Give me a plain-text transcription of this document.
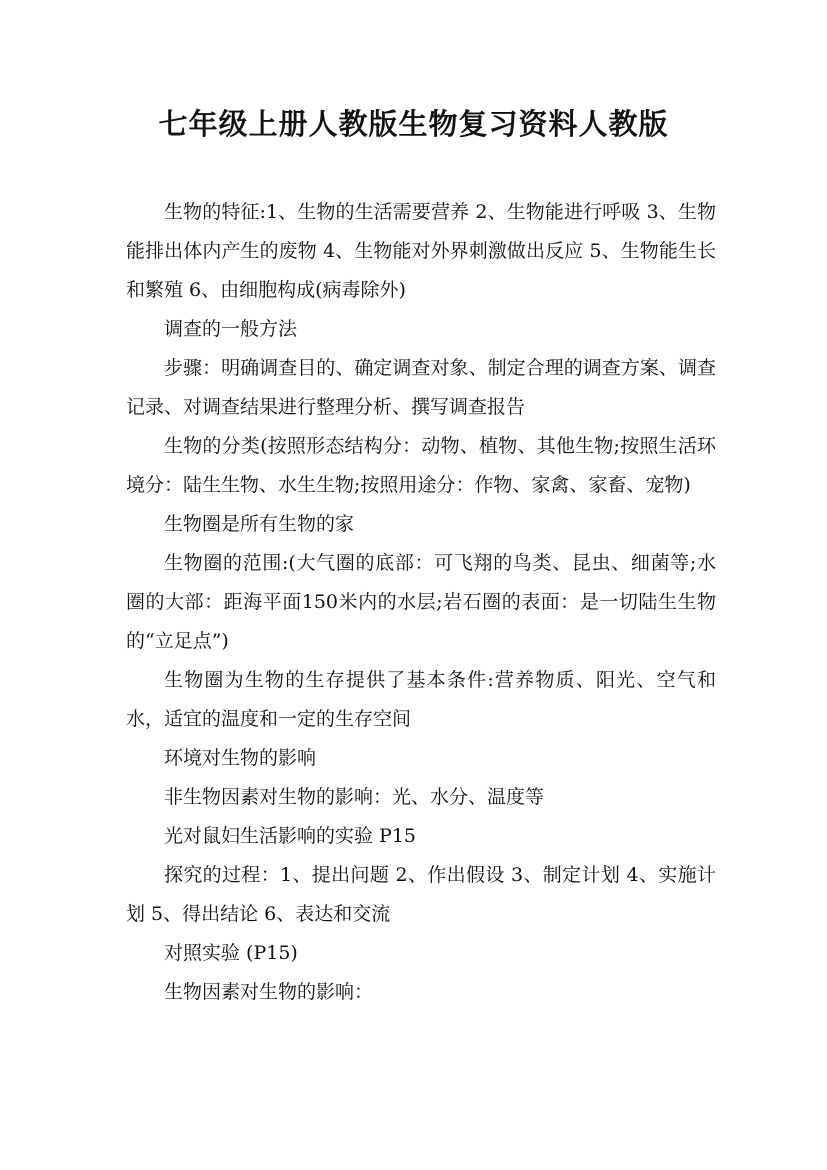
七年级上册人教版生物复习资料人教版

生物的特征:1、生物的生活需要营养 2、生物能进行呼吸 3、生物能排出体内产生的废物 4、生物能对外界刺激做出反应 5、生物能生长和繁殖 6、由细胞构成(病毒除外)

调查的一般方法

步骤：明确调查目的、确定调查对象、制定合理的调查方案、调查记录、对调查结果进行整理分析、撰写调查报告

生物的分类(按照形态结构分：动物、植物、其他生物;按照生活环境分：陆生生物、水生生物;按照用途分：作物、家禽、家畜、宠物)

生物圈是所有生物的家

生物圈的范围:(大气圈的底部：可飞翔的鸟类、昆虫、细菌等;水圈的大部：距海平面150米内的水层;岩石圈的表面：是一切陆生生物的“立足点”)

生物圈为生物的生存提供了基本条件:营养物质、阳光、空气和水，适宜的温度和一定的生存空间

环境对生物的影响

非生物因素对生物的影响：光、水分、温度等

光对鼠妇生活影响的实验 P15

探究的过程：1、提出问题 2、作出假设 3、制定计划 4、实施计划 5、得出结论 6、表达和交流

对照实验 (P15)

生物因素对生物的影响：
